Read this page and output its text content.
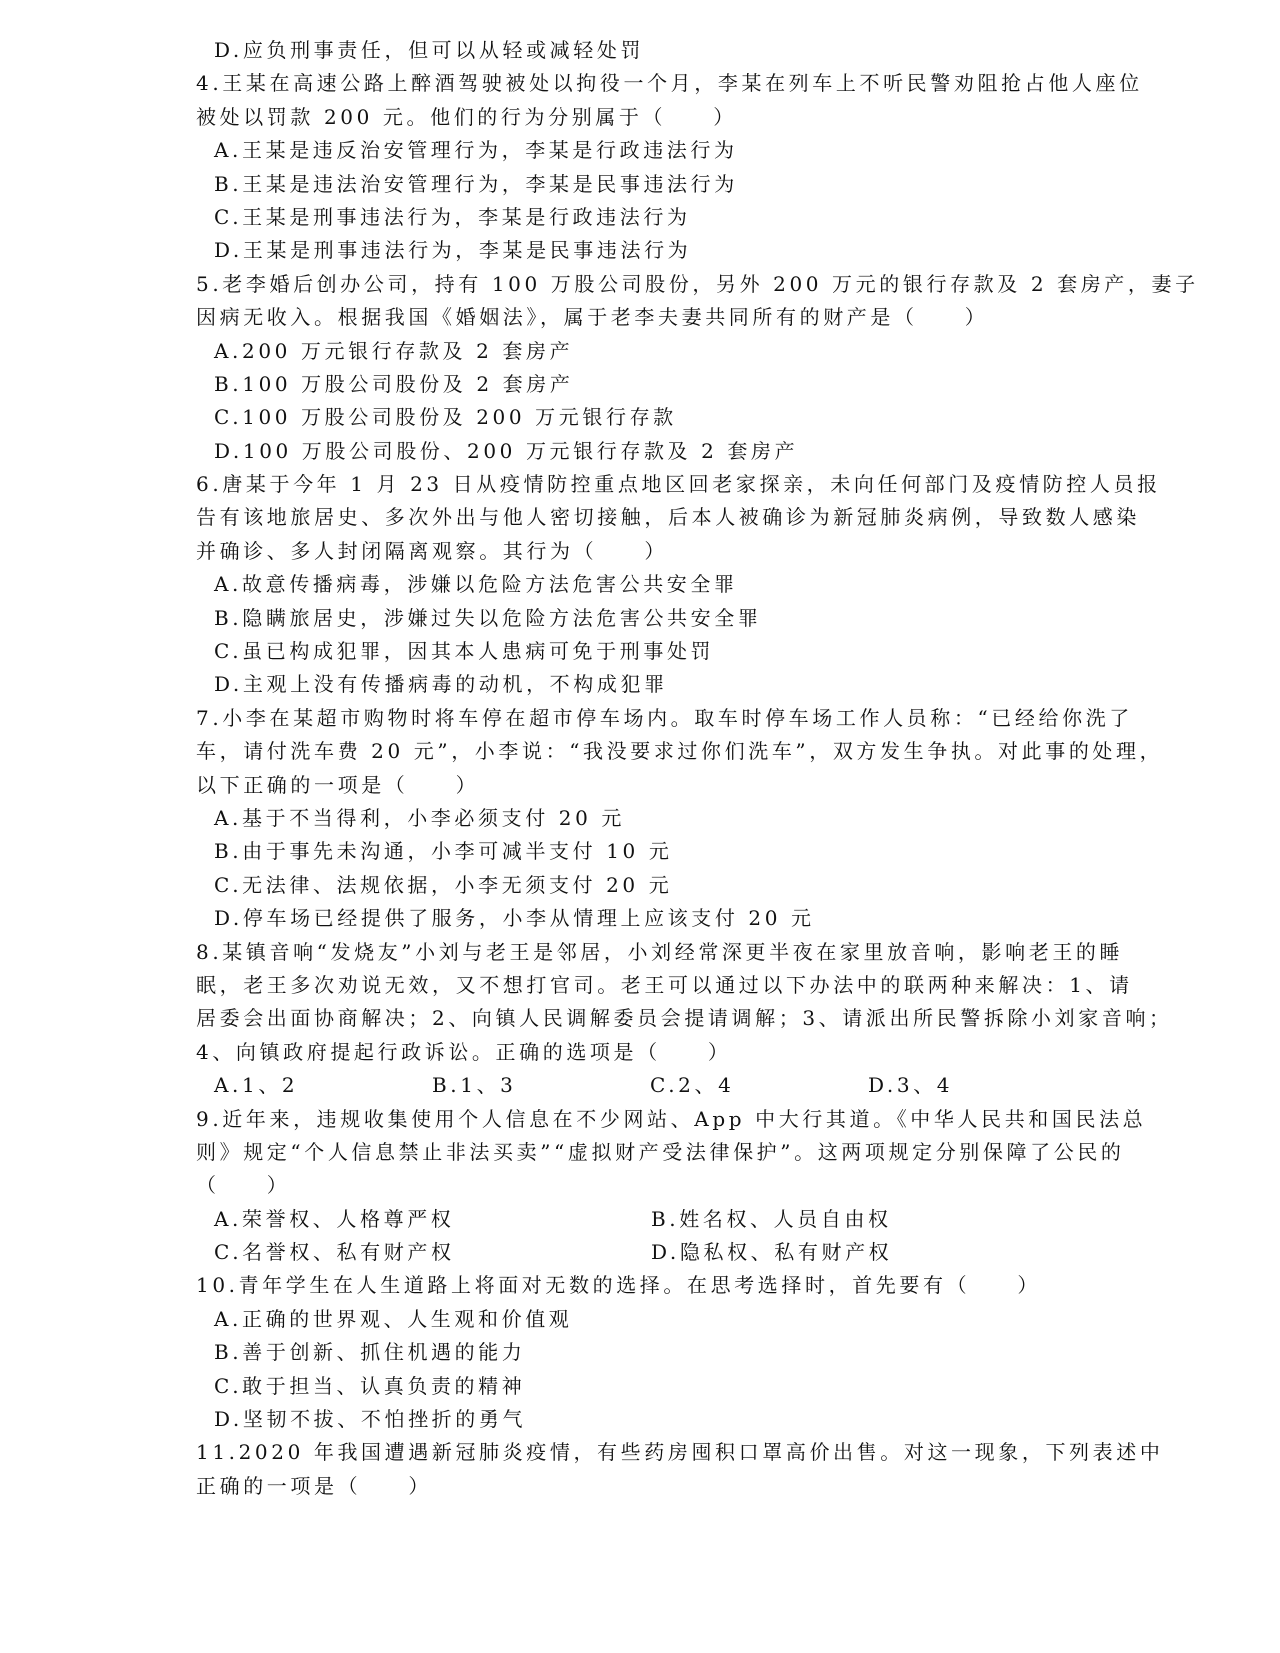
D.应负刑事责任，但可以从轻或减轻处罚
4.王某在高速公路上醉酒驾驶被处以拘役一个月，李某在列车上不听民警劝阻抢占他人座位
被处以罚款 200 元。他们的行为分别属于（　　）
A.王某是违反治安管理行为，李某是行政违法行为
B.王某是违法治安管理行为，李某是民事违法行为
C.王某是刑事违法行为，李某是行政违法行为
D.王某是刑事违法行为，李某是民事违法行为
5.老李婚后创办公司，持有 100 万股公司股份，另外 200 万元的银行存款及 2 套房产，妻子
因病无收入。根据我国《婚姻法》，属于老李夫妻共同所有的财产是（　　）
A.200 万元银行存款及 2 套房产
B.100 万股公司股份及 2 套房产
C.100 万股公司股份及 200 万元银行存款
D.100 万股公司股份、200 万元银行存款及 2 套房产
6.唐某于今年 1 月 23 日从疫情防控重点地区回老家探亲，未向任何部门及疫情防控人员报
告有该地旅居史、多次外出与他人密切接触，后本人被确诊为新冠肺炎病例，导致数人感染
并确诊、多人封闭隔离观察。其行为（　　）
A.故意传播病毒，涉嫌以危险方法危害公共安全罪
B.隐瞒旅居史，涉嫌过失以危险方法危害公共安全罪
C.虽已构成犯罪，因其本人患病可免于刑事处罚
D.主观上没有传播病毒的动机，不构成犯罪
7.小李在某超市购物时将车停在超市停车场内。取车时停车场工作人员称：“已经给你洗了
车，请付洗车费 20 元”，小李说：“我没要求过你们洗车”，双方发生争执。对此事的处理，
以下正确的一项是（　　）
A.基于不当得利，小李必须支付 20 元
B.由于事先未沟通，小李可减半支付 10 元
C.无法律、法规依据，小李无须支付 20 元
D.停车场已经提供了服务，小李从情理上应该支付 20 元
8.某镇音响“发烧友”小刘与老王是邻居，小刘经常深更半夜在家里放音响，影响老王的睡
眠，老王多次劝说无效，又不想打官司。老王可以通过以下办法中的联两种来解决：1、请
居委会出面协商解决；2、向镇人民调解委员会提请调解；3、请派出所民警拆除小刘家音响；
4、向镇政府提起行政诉讼。正确的选项是（　　）
A.1、2	B.1、3	C.2、4	D.3、4
9.近年来，违规收集使用个人信息在不少网站、App 中大行其道。《中华人民共和国民法总
则》规定“个人信息禁止非法买卖”“虚拟财产受法律保护”。这两项规定分别保障了公民的
（　　）
A.荣誉权、人格尊严权	B.姓名权、人员自由权
C.名誉权、私有财产权	D.隐私权、私有财产权
10.青年学生在人生道路上将面对无数的选择。在思考选择时，首先要有（　　）
A.正确的世界观、人生观和价值观
B.善于创新、抓住机遇的能力
C.敢于担当、认真负责的精神
D.坚韧不拔、不怕挫折的勇气
11.2020 年我国遭遇新冠肺炎疫情，有些药房囤积口罩高价出售。对这一现象，下列表述中
正确的一项是（　　）
